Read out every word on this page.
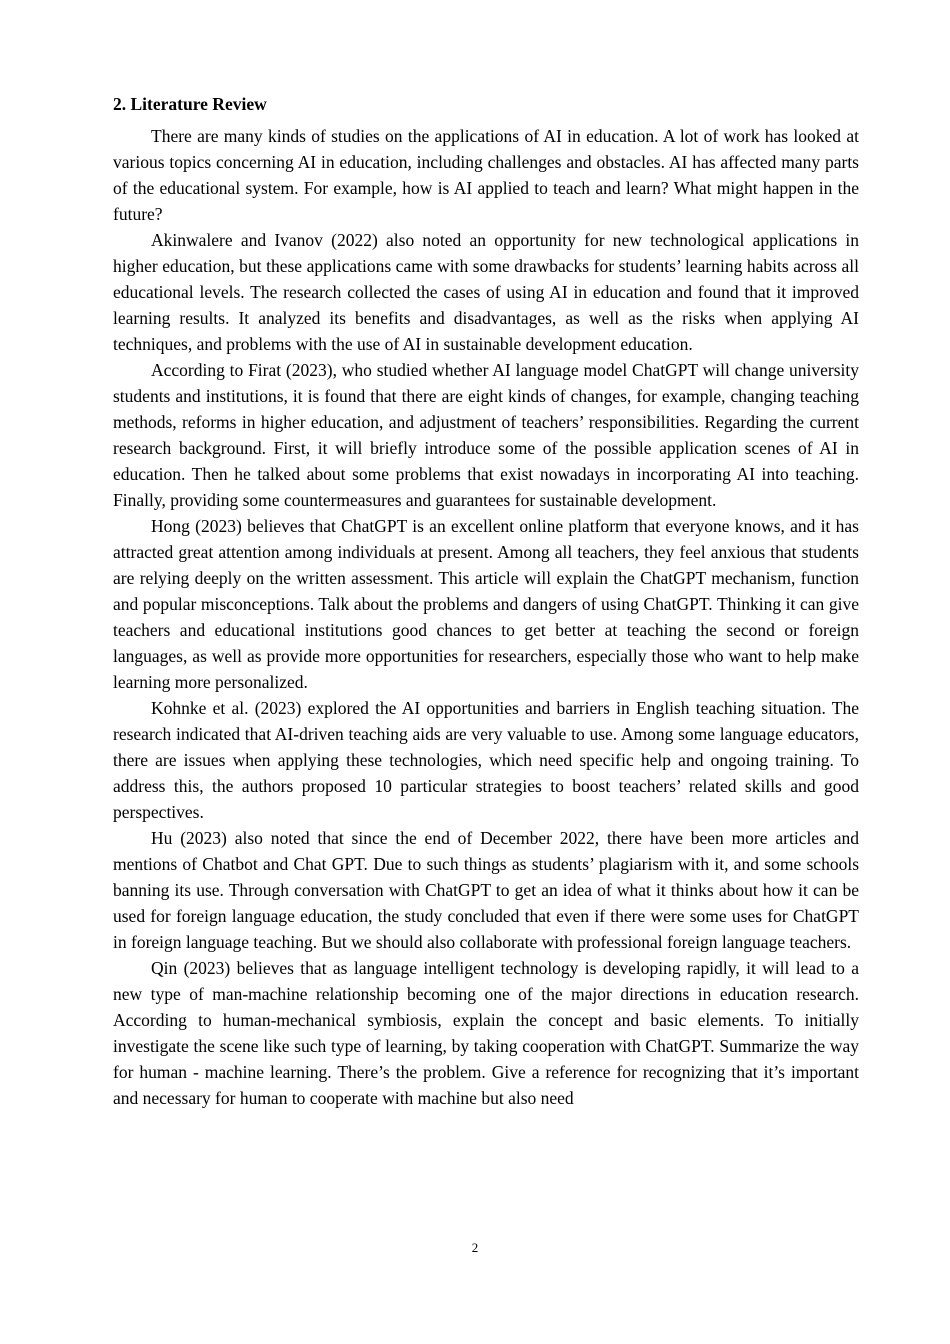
2. Literature Review

There are many kinds of studies on the applications of AI in education. A lot of work has looked at various topics concerning AI in education, including challenges and obstacles. AI has affected many parts of the educational system. For example, how is AI applied to teach and learn? What might happen in the future?

Akinwalere and Ivanov (2022) also noted an opportunity for new technological applications in higher education, but these applications came with some drawbacks for students’ learning habits across all educational levels. The research collected the cases of using AI in education and found that it improved learning results. It analyzed its benefits and disadvantages, as well as the risks when applying AI techniques, and problems with the use of AI in sustainable development education.

According to Firat (2023), who studied whether AI language model ChatGPT will change university students and institutions, it is found that there are eight kinds of changes, for example, changing teaching methods, reforms in higher education, and adjustment of teachers’ responsibilities. Regarding the current research background. First, it will briefly introduce some of the possible application scenes of AI in education. Then he talked about some problems that exist nowadays in incorporating AI into teaching. Finally, providing some countermeasures and guarantees for sustainable development.

Hong (2023) believes that ChatGPT is an excellent online platform that everyone knows, and it has attracted great attention among individuals at present. Among all teachers, they feel anxious that students are relying deeply on the written assessment. This article will explain the ChatGPT mechanism, function and popular misconceptions. Talk about the problems and dangers of using ChatGPT. Thinking it can give teachers and educational institutions good chances to get better at teaching the second or foreign languages, as well as provide more opportunities for researchers, especially those who want to help make learning more personalized.

Kohnke et al. (2023) explored the AI opportunities and barriers in English teaching situation. The research indicated that AI-driven teaching aids are very valuable to use. Among some language educators, there are issues when applying these technologies, which need specific help and ongoing training. To address this, the authors proposed 10 particular strategies to boost teachers’ related skills and good perspectives.

Hu (2023) also noted that since the end of December 2022, there have been more articles and mentions of Chatbot and Chat GPT. Due to such things as students’ plagiarism with it, and some schools banning its use. Through conversation with ChatGPT to get an idea of what it thinks about how it can be used for foreign language education, the study concluded that even if there were some uses for ChatGPT in foreign language teaching. But we should also collaborate with professional foreign language teachers.

Qin (2023) believes that as language intelligent technology is developing rapidly, it will lead to a new type of man-machine relationship becoming one of the major directions in education research. According to human-mechanical symbiosis, explain the concept and basic elements. To initially investigate the scene like such type of learning, by taking cooperation with ChatGPT. Summarize the way for human - machine learning. There’s the problem. Give a reference for recognizing that it’s important and necessary for human to cooperate with machine but also need

2
